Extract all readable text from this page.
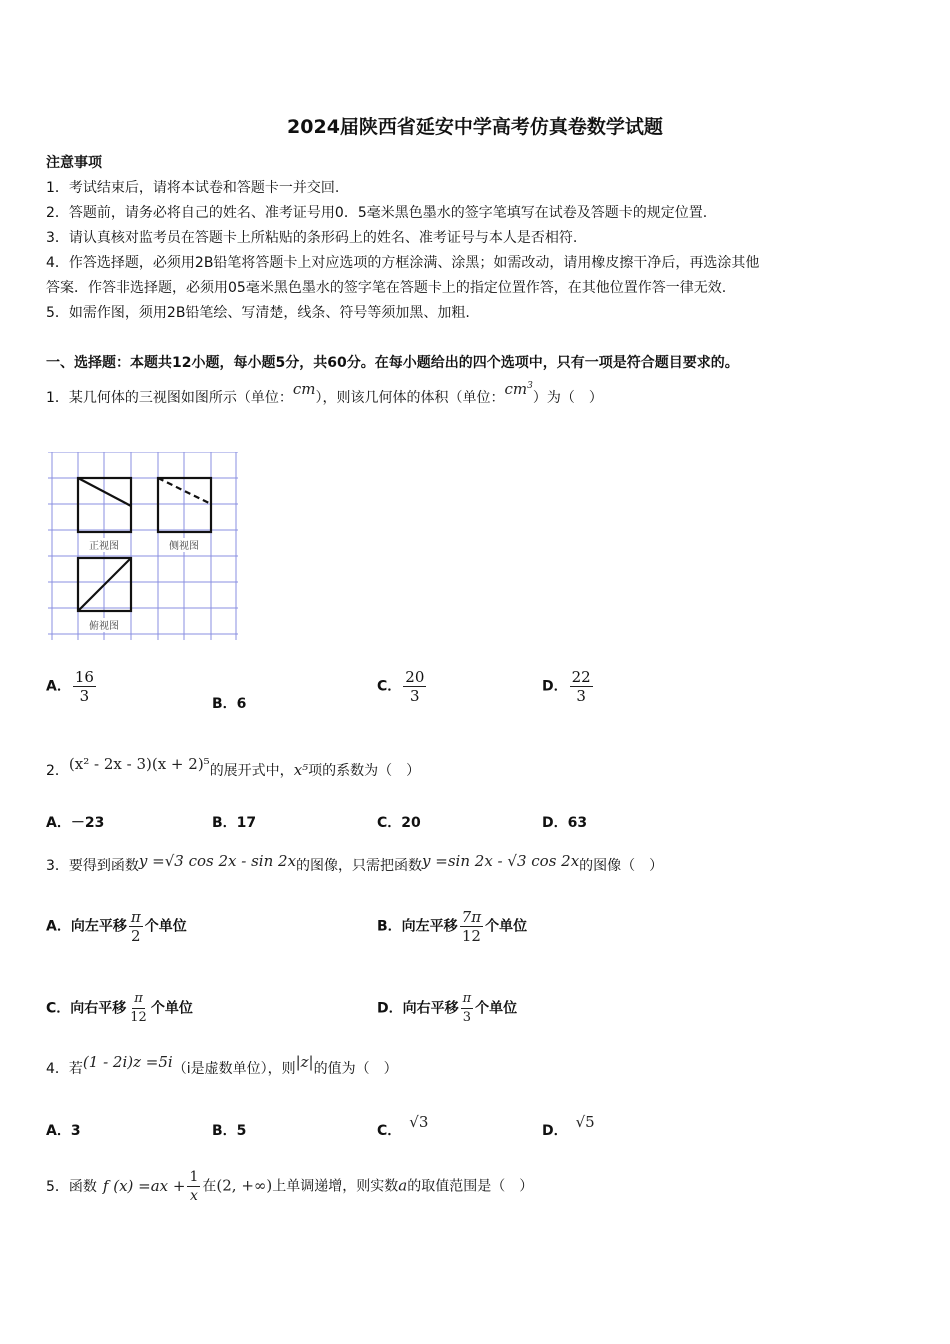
2024届陕西省延安中学高考仿真卷数学试题
注意事项
1．考试结束后，请将本试卷和答题卡一并交回.
2．答题前，请务必将自己的姓名、准考证号用0．5毫米黑色墨水的签字笔填写在试卷及答题卡的规定位置.
3．请认真核对监考员在答题卡上所粘贴的条形码上的姓名、准考证号与本人是否相符.
4．作答选择题，必须用2B铅笔将答题卡上对应选项的方框涂满、涂黑；如需改动，请用橡皮擦干净后，再选涂其他
答案．作答非选择题，必须用05毫米黑色墨水的签字笔在答题卡上的指定位置作答，在其他位置作答一律无效.
5．如需作图，须用2B铅笔绘、写清楚，线条、符号等须加黑、加粗.
一、选择题：本题共12小题，每小题5分，共60分。在每小题给出的四个选项中，只有一项是符合题目要求的。
1．某几何体的三视图如图所示（单位：cm），则该几何体的体积（单位：$cm^3$）为（　）
正视图	侧视图
俯视图
A． $\frac{16}{3}$	B．6
C． $\frac{20}{3}$	D． $\frac{22}{3}$
2．(x² - 2x - 3)(x + 2)⁵的展开式中，x⁵项的系数为（　）
A．－23	B．17	C．20	D．63
3．要得到函数y =√3 cos 2x - sin 2x的图像，只需把函数y =sin 2x - √3 cos 2x的图像（　）
A．向左平移 $\frac{\pi}{2}$ 个单位	B．向左平移 $\frac{7\pi}{12}$ 个单位
C．向右平移 $\frac{\pi}{12}$ 个单位	D．向右平移 $\frac{\pi}{3}$ 个单位
4．若(1 - 2i)z =5i（i是虚数单位），则|z|的值为（　）
A．3	B．5	C． √3	D． √5
5．函数 f $(x) =ax + \frac{1}{x}$ 在(2, +∞)上单调递增，则实数a的取值范围是（　）
